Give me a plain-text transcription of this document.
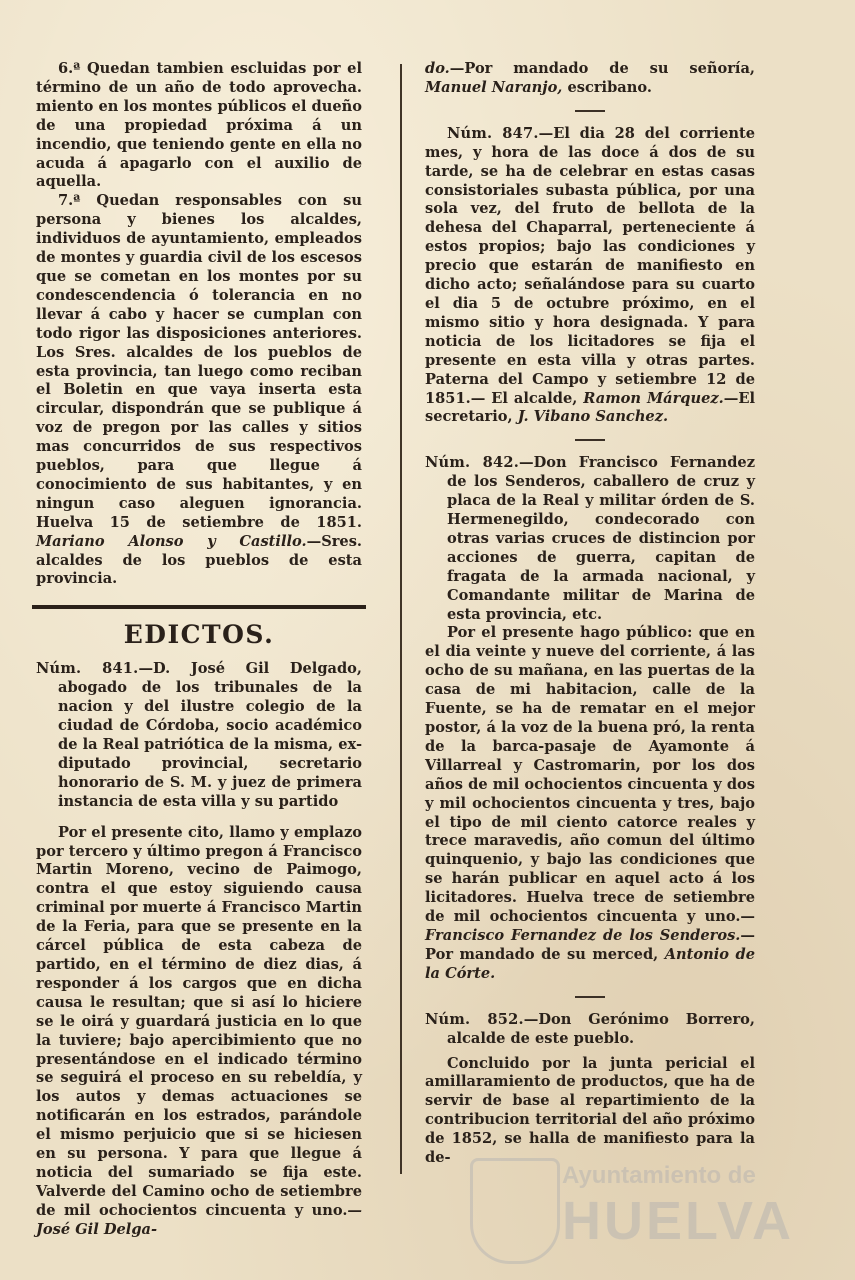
6.ª Quedan tambien escluidas por el término de un año de todo aprovecha. miento en los montes públicos el dueño de una propiedad próxima á un incendio, que teniendo gente en ella no acuda á apagarlo con el auxilio de aquella.

7.ª Quedan responsables con su persona y bienes los alcaldes, individuos de ayuntamiento, empleados de montes y guardia civil de los escesos que se cometan en los montes por su condescendencia ó tolerancia en no llevar á cabo y hacer se cumplan con todo rigor las disposiciones anteriores. Los Sres. alcaldes de los pueblos de esta provincia, tan luego como reciban el Boletin en que vaya inserta esta circular, dispondrán que se publique á voz de pregon por las calles y sitios mas concurridos de sus respectivos pueblos, para que llegue á conocimiento de sus habitantes, y en ningun caso aleguen ignorancia. Huelva 15 de setiembre de 1851. Mariano Alonso y Castillo.—Sres. alcaldes de los pueblos de esta provincia.

EDICTOS.

Núm. 841.—D. José Gil Delgado, abogado de los tribunales de la nacion y del ilustre colegio de la ciudad de Córdoba, socio académico de la Real patriótica de la misma, ex-diputado provincial, secretario honorario de S. M. y juez de primera instancia de esta villa y su partido

Por el presente cito, llamo y emplazo por tercero y último pregon á Francisco Martin Moreno, vecino de Paimogo, contra el que estoy siguiendo causa criminal por muerte á Francisco Martin de la Feria, para que se presente en la cárcel pública de esta cabeza de partido, en el término de diez dias, á responder á los cargos que en dicha causa le resultan; que si así lo hiciere se le oirá y guardará justicia en lo que la tuviere; bajo apercibimiento que no presentándose en el indicado término se seguirá el proceso en su rebeldía, y los autos y demas actuaciones se notificarán en los estrados, parándole el mismo perjuicio que si se hiciesen en su persona. Y para que llegue á noticia del sumariado se fija este. Valverde del Camino ocho de setiembre de mil ochocientos cincuenta y uno.—José Gil Delga-

do.—Por mandado de su señoría, Manuel Naranjo, escribano.

Núm. 847.—El dia 28 del corriente mes, y hora de las doce á dos de su tarde, se ha de celebrar en estas casas consistoriales subasta pública, por una sola vez, del fruto de bellota de la dehesa del Chaparral, perteneciente á estos propios; bajo las condiciones y precio que estarán de manifiesto en dicho acto; señalándose para su cuarto el dia 5 de octubre próximo, en el mismo sitio y hora designada. Y para noticia de los licitadores se fija el presente en esta villa y otras partes. Paterna del Campo y setiembre 12 de 1851.— El alcalde, Ramon Márquez.—El secretario, J. Vibano Sanchez.

Núm. 842.—Don Francisco Fernandez de los Senderos, caballero de cruz y placa de la Real y militar órden de S. Hermenegildo, condecorado con otras varias cruces de distincion por acciones de guerra, capitan de fragata de la armada nacional, y Comandante militar de Marina de esta provincia, etc.

Por el presente hago público: que en el dia veinte y nueve del corriente, á las ocho de su mañana, en las puertas de la casa de mi habitacion, calle de la Fuente, se ha de rematar en el mejor postor, á la voz de la buena pró, la renta de la barca-pasaje de Ayamonte á Villarreal y Castromarin, por los dos años de mil ochocientos cincuenta y dos y mil ochocientos cincuenta y tres, bajo el tipo de mil ciento catorce reales y trece maravedis, año comun del último quinquenio, y bajo las condiciones que se harán publicar en aquel acto á los licitadores. Huelva trece de setiembre de mil ochocientos cincuenta y uno.—Francisco Fernandez de los Senderos.—Por mandado de su merced, Antonio de la Córte.

Núm. 852.—Don Gerónimo Borrero, alcalde de este pueblo.

Concluido por la junta pericial el amillaramiento de productos, que ha de servir de base al repartimiento de la contribucion territorial del año próximo de 1852, se halla de manifiesto para la de-

Ayuntamiento de
HUELVA
